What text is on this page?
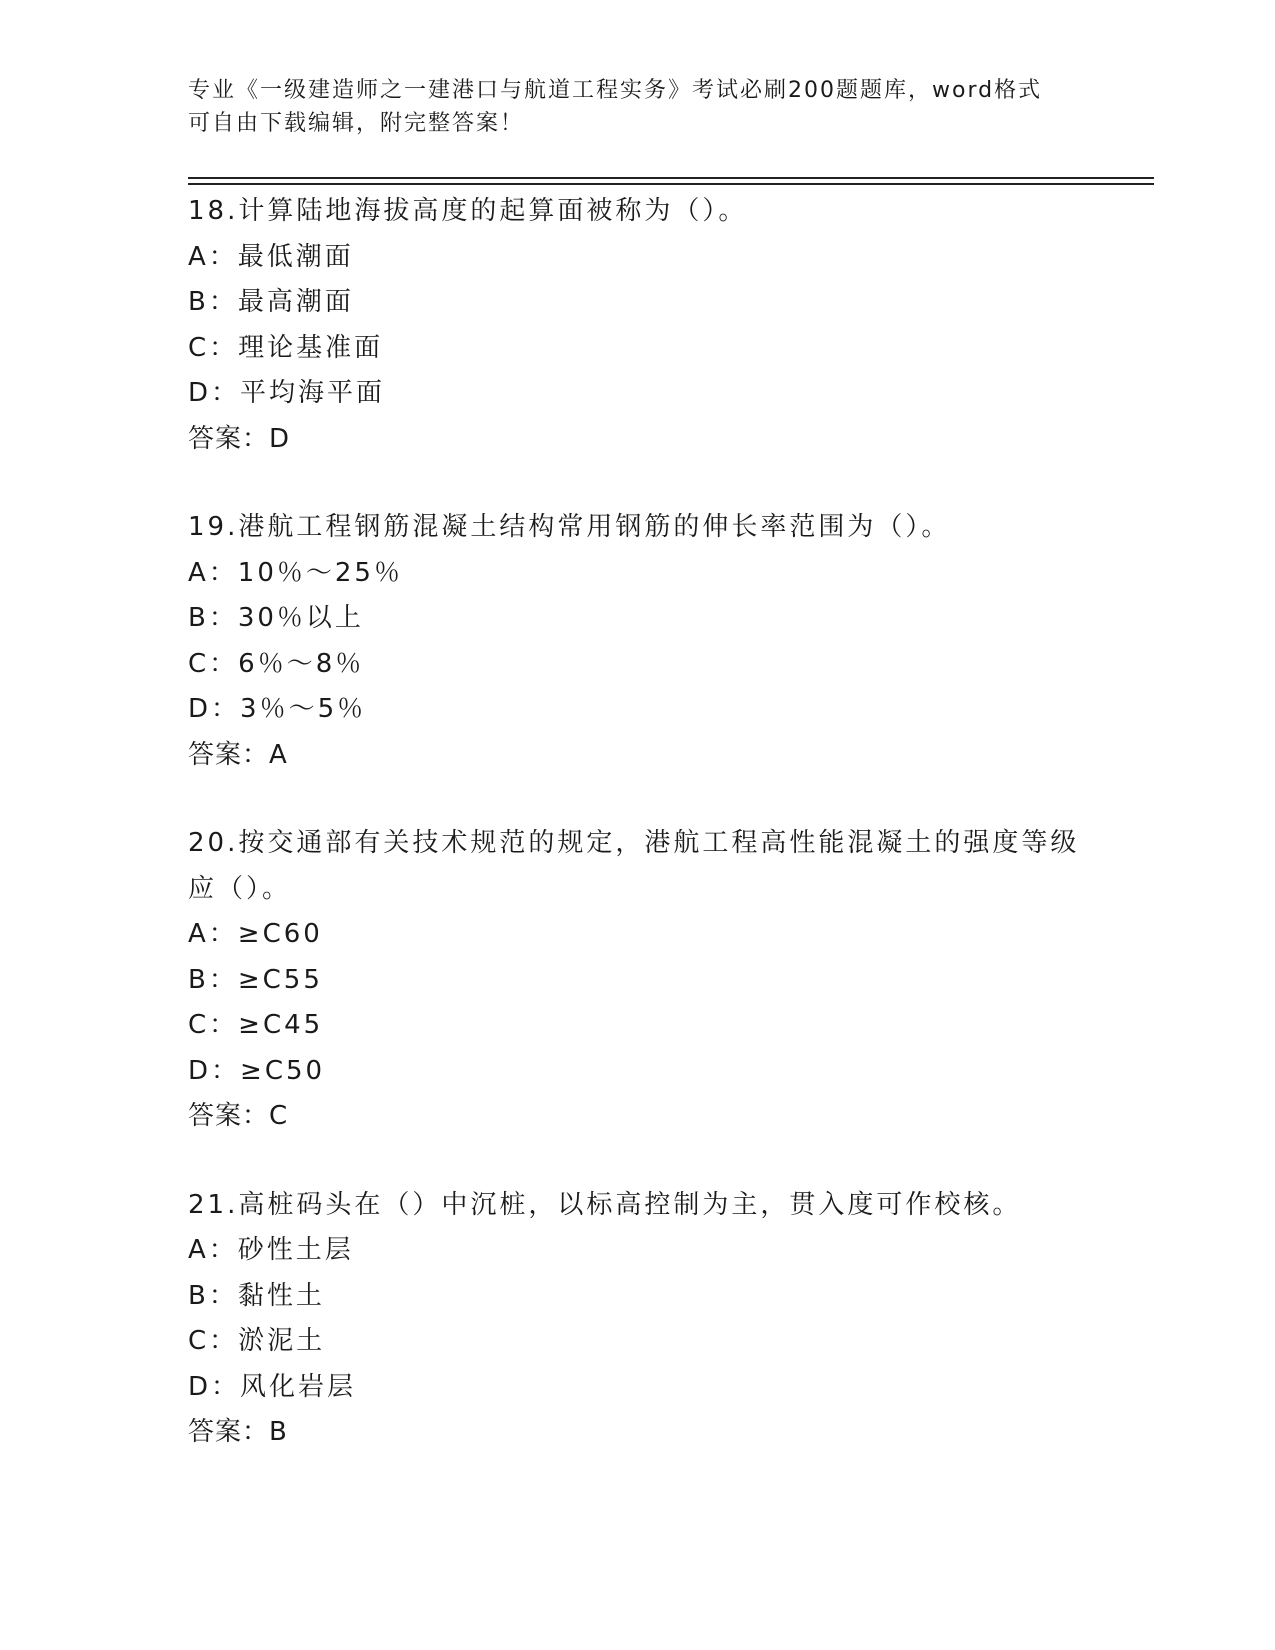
专业《一级建造师之一建港口与航道工程实务》考试必刷200题题库，word格式
可自由下载编辑，附完整答案！
18.计算陆地海拔高度的起算面被称为（）。
A：最低潮面
B：最高潮面
C：理论基准面
D：平均海平面
答案：D
19.港航工程钢筋混凝土结构常用钢筋的伸长率范围为（）。
A：10％～25％
B：30％以上
C：6％～8％
D：3％～5％
答案：A
20.按交通部有关技术规范的规定，港航工程高性能混凝土的强度等级
应（）。
A：≥C60
B：≥C55
C：≥C45
D：≥C50
答案：C
21.高桩码头在（）中沉桩，以标高控制为主，贯入度可作校核。
A：砂性土层
B：黏性土
C：淤泥土
D：风化岩层
答案：B
